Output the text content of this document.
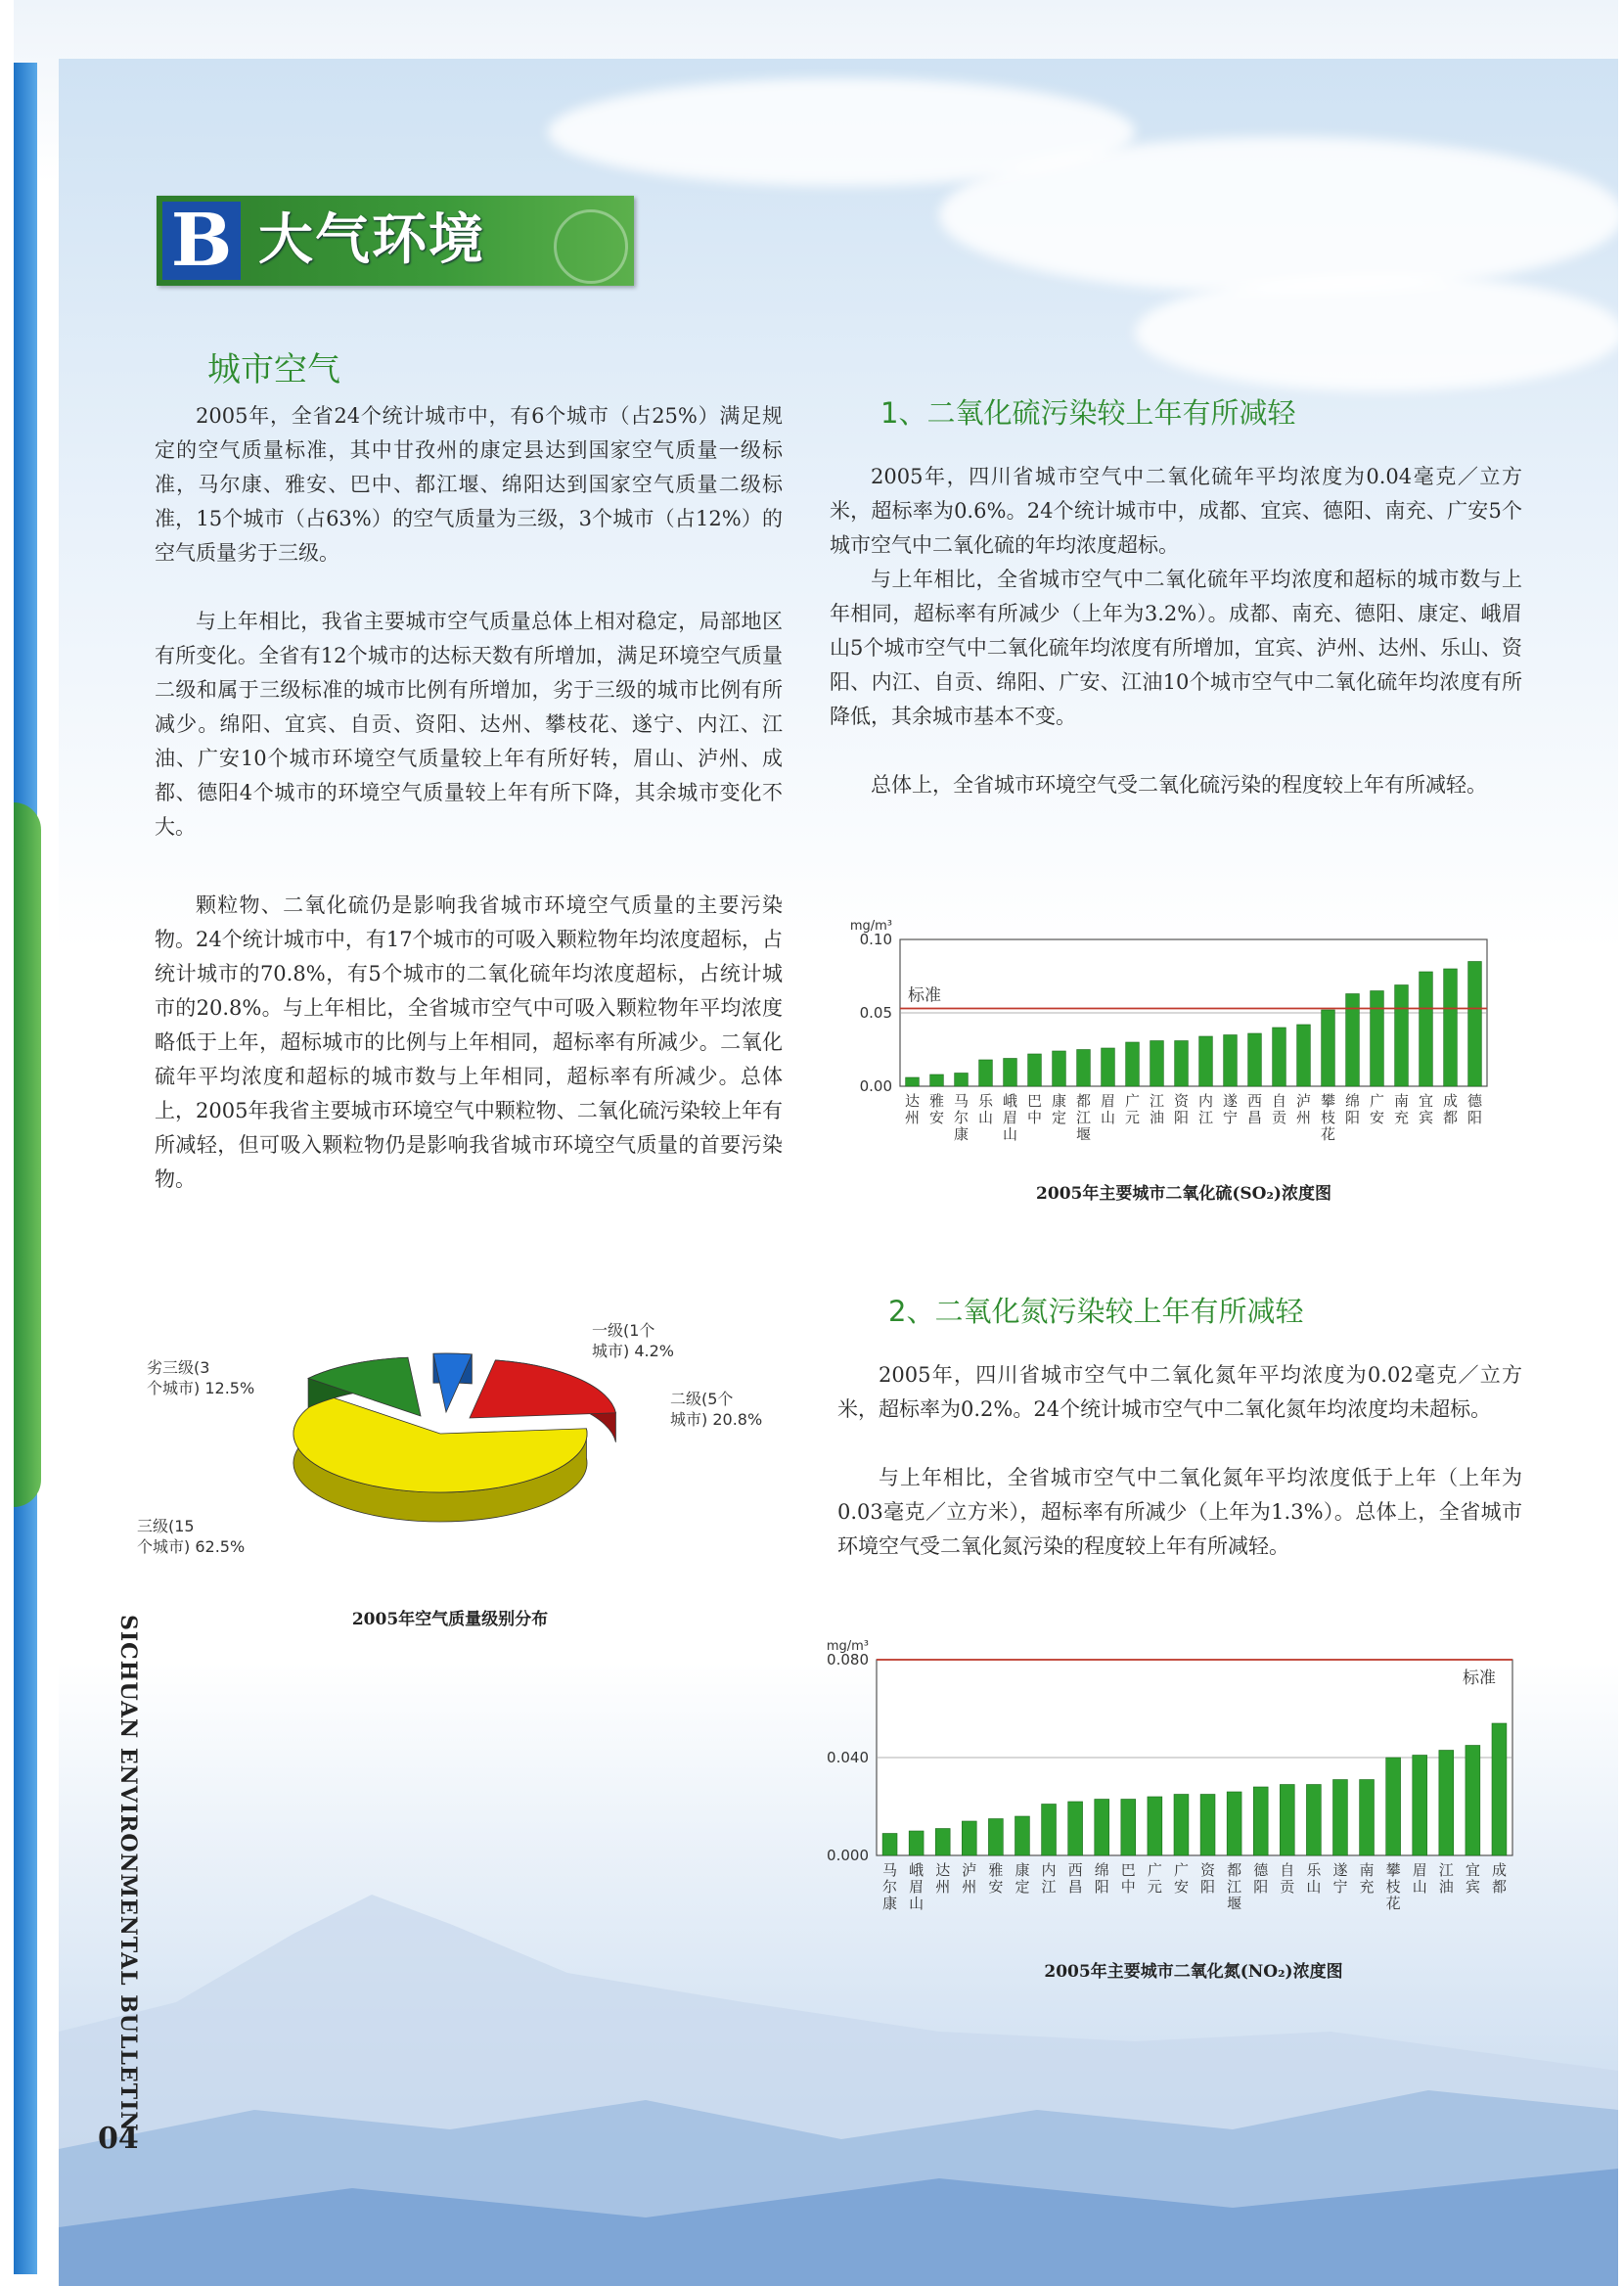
B 大气环境
城市空气

2005年，全省24个统计城市中，有6个城市（占25%）满足规定的空气质量标准，其中甘孜州的康定县达到国家空气质量一级标准，马尔康、雅安、巴中、都江堰、绵阳达到国家空气质量二级标准，15个城市（占63%）的空气质量为三级，3个城市（占12%）的空气质量劣于三级。

与上年相比，我省主要城市空气质量总体上相对稳定，局部地区有所变化。全省有12个城市的达标天数有所增加，满足环境空气质量二级和属于三级标准的城市比例有所增加，劣于三级的城市比例有所减少。绵阳、宜宾、自贡、资阳、达州、攀枝花、遂宁、内江、江油、广安10个城市环境空气质量较上年有所好转，眉山、泸州、成都、德阳4个城市的环境空气质量较上年有所下降，其余城市变化不大。

颗粒物、二氧化硫仍是影响我省城市环境空气质量的主要污染物。24个统计城市中，有17个城市的可吸入颗粒物年均浓度超标，占统计城市的70.8%，有5个城市的二氧化硫年均浓度超标，占统计城市的20.8%。与上年相比，全省城市空气中可吸入颗粒物年平均浓度略低于上年，超标城市的比例与上年相同，超标率有所减少。二氧化硫年平均浓度和超标的城市数与上年相同，超标率有所减少。总体上，2005年我省主要城市环境空气中颗粒物、二氧化硫污染较上年有所减轻，但可吸入颗粒物仍是影响我省城市环境空气质量的首要污染物。

1、二氧化硫污染较上年有所减轻

2005年，四川省城市空气中二氧化硫年平均浓度为0.04毫克／立方米，超标率为0.6%。24个统计城市中，成都、宜宾、德阳、南充、广安5个城市空气中二氧化硫的年均浓度超标。

与上年相比，全省城市空气中二氧化硫年平均浓度和超标的城市数与上年相同，超标率有所减少（上年为3.2%）。成都、南充、德阳、康定、峨眉山5个城市空气中二氧化硫年均浓度有所增加，宜宾、泸州、达州、乐山、资阳、内江、自贡、绵阳、广安、江油10个城市空气中二氧化硫年均浓度有所降低，其余城市基本不变。

总体上，全省城市环境空气受二氧化硫污染的程度较上年有所减轻。

mg/m³
0.00
0.05
0.10
达
州
雅
安
马
尔
康
乐
山
峨
眉
山
巴
中
康
定
都
江
堰
眉
山
广
元
江
油
资
阳
内
江
遂
宁
西
昌
自
贡
泸
州
攀
枝
花
绵
阳
广
安
南
充
宜
宾
成
都
德
阳
标准
2005年主要城市二氧化硫(SO₂)浓度图
2、二氧化氮污染较上年有所减轻

2005年，四川省城市空气中二氧化氮年平均浓度为0.02毫克／立方米，超标率为0.2%。24个统计城市空气中二氧化氮年均浓度均未超标。

与上年相比，全省城市空气中二氧化氮年平均浓度低于上年（上年为0.03毫克／立方米），超标率有所减少（上年为1.3%）。总体上，全省城市环境空气受二氧化氮污染的程度较上年有所减轻。

mg/m³
0.000
0.040
0.080
马
尔
康
峨
眉
山
达
州
泸
州
雅
安
康
定
内
江
西
昌
绵
阳
巴
中
广
元
广
安
资
阳
都
江
堰
德
阳
自
贡
乐
山
遂
宁
南
充
攀
枝
花
眉
山
江
油
宜
宾
成
都
标准
2005年主要城市二氧化氮(NO₂)浓度图
一级(1个
城市) 4.2%
二级(5个
城市) 20.8%
三级(15
个城市) 62.5%
劣三级(3
个城市) 12.5%
2005年空气质量级别分布
SICHUAN ENVIRONMENTAL BULLETIN
04
